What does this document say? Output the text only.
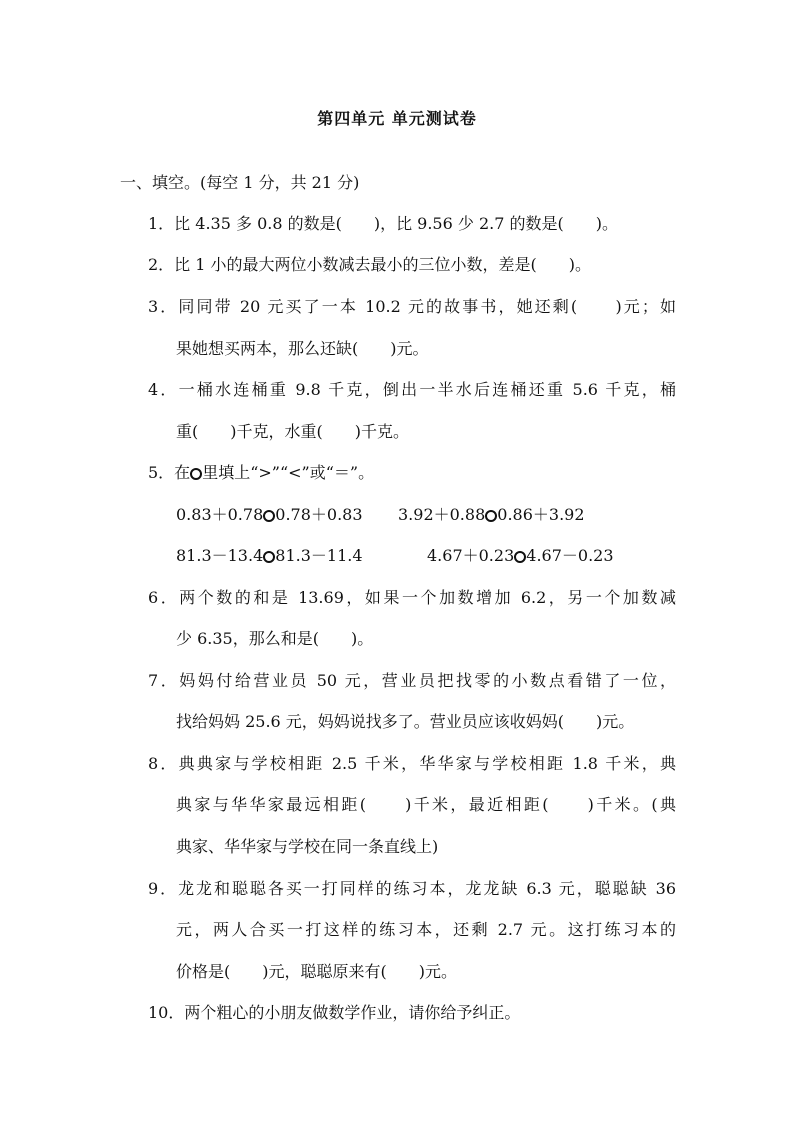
第四单元 单元测试卷
一、填空。(每空 1 分，共 21 分)
1．比 4.35 多 0.8 的数是(　　)，比 9.56 少 2.7 的数是(　　)。
2．比 1 小的最大两位小数减去最小的三位小数，差是(　　)。
3．同同带 20 元买了一本 10.2 元的故事书，她还剩(　　)元；如
果她想买两本，那么还缺(　　)元。
4．一桶水连桶重 9.8 千克，倒出一半水后连桶还重 5.6 千克，桶
重(　　)千克，水重(　　)千克。
5．在 里填上“>”“<”或“＝”。
0.83＋0.78 0.78＋0.83 3.92＋0.88 0.86＋3.92
81.3－13.4 81.3－11.4	4.67＋0.23 4.67－0.23
6．两个数的和是 13.69，如果一个加数增加 6.2，另一个加数减
少 6.35，那么和是(　　)。
7．妈妈付给营业员 50 元，营业员把找零的小数点看错了一位，
找给妈妈 25.6 元，妈妈说找多了。营业员应该收妈妈(　　)元。
8．典典家与学校相距 2.5 千米，华华家与学校相距 1.8 千米，典
典家与华华家最远相距(　　)千米，最近相距(　　)千米。(典
典家、华华家与学校在同一条直线上)
9．龙龙和聪聪各买一打同样的练习本，龙龙缺 6.3 元，聪聪缺 36
元，两人合买一打这样的练习本，还剩 2.7 元。这打练习本的
价格是(　　)元，聪聪原来有(　　)元。
10．两个粗心的小朋友做数学作业，请你给予纠正。
